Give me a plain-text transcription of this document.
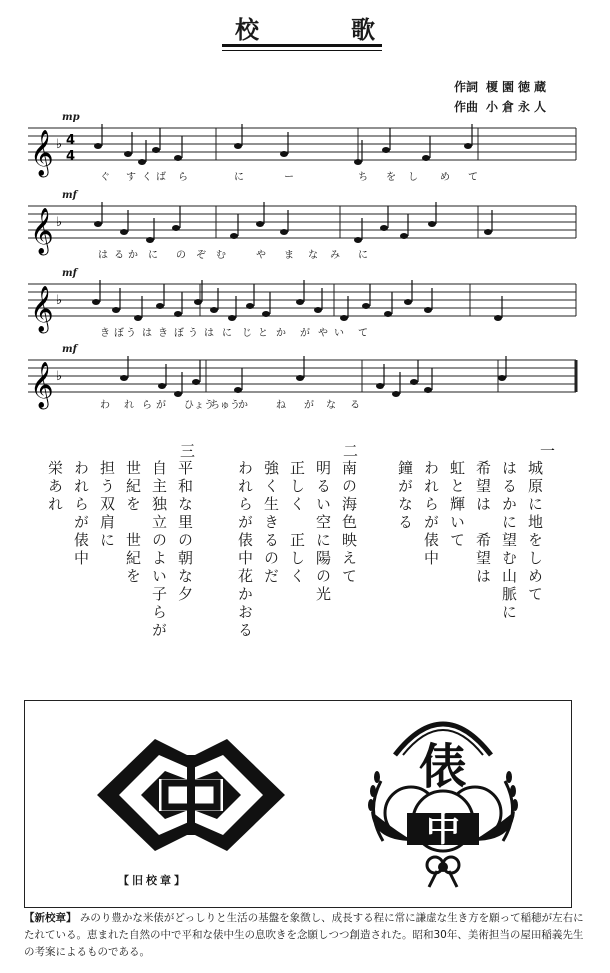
校　歌
作詞 榎園徳蔵
作曲 小倉永人
𝄞 ♭ 4
4
mp
ぐ す く ば ら	に	ー	ち を し め て
𝄞 ♭
mf
は る か に の ぞ む	や ま な み に
𝄞 ♭
mf
き ぼ う は き ぼ う は に じ と か が や い て
𝄞 ♭
mf
わ れ ら が ひょう
ちゅう
か	ね が な る
一
城原に地をしめて
はるかに望む山脈に
希望は　希望は
虹と輝いて
われらが俵中
鐘がなる
二
南の海色映えて
明るい空に陽の光
正しく　正しく
強く生きるのだ
われらが俵中花かおる
三
平和な里の朝な夕
自主独立のよい子らが
世紀を　世紀を
担う双肩に
われらが俵中
栄あれ
俵
中
【旧校章】
【新校章】 みのり豊かな米俵がどっしりと生活の基盤を象徴し、成長する程に常に謙虚な生き方を願って稲穂が左右にたれている。恵まれた自然の中で平和な俵中生の息吹きを念願しつつ創造された。昭和30年、美術担当の屋田稲義先生の考案によるものである。
